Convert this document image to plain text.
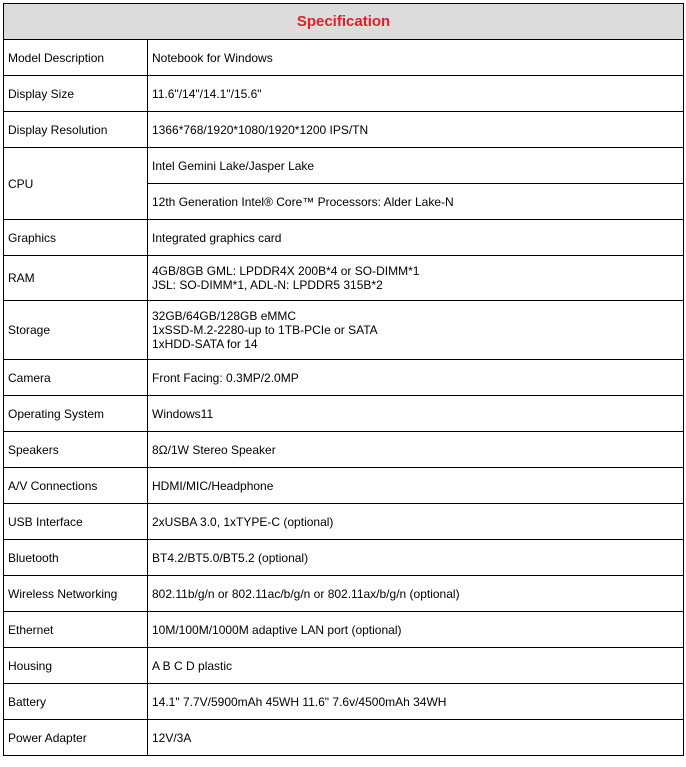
Specification	
Model Description	Notebook for Windows
Display Size	11.6"/14"/14.1"/15.6"
Display Resolution	1366*768/1920*1080/1920*1200 IPS/TN
CPU	Intel Gemini Lake/Jasper Lake
	12th Generation Intel® Core™ Processors: Alder Lake-N
Graphics	Integrated graphics card
RAM	4GB/8GB GML: LPDDR4X 200B*4 or SO-DIMM*1
JSL: SO-DIMM*1, ADL-N: LPDDR5 315B*2

Storage	32GB/64GB/128GB eMMC
1xSSD-M.2-2280-up to 1TB-PCIe or SATA
1xHDD-SATA for 14

Camera	Front Facing: 0.3MP/2.0MP
Operating System	Windows11
Speakers	8Ω/1W Stereo Speaker
A/V Connections	HDMI/MIC/Headphone
USB Interface	2xUSBA 3.0, 1xTYPE-C (optional)
Bluetooth	BT4.2/BT5.0/BT5.2 (optional)
Wireless Networking	802.11b/g/n or 802.11ac/b/g/n or 802.11ax/b/g/n (optional)
Ethernet	10M/100M/1000M adaptive LAN port (optional)
Housing	A B C D plastic
Battery	14.1" 7.7V/5900mAh 45WH 11.6" 7.6v/4500mAh 34WH
Power Adapter	12V/3A
